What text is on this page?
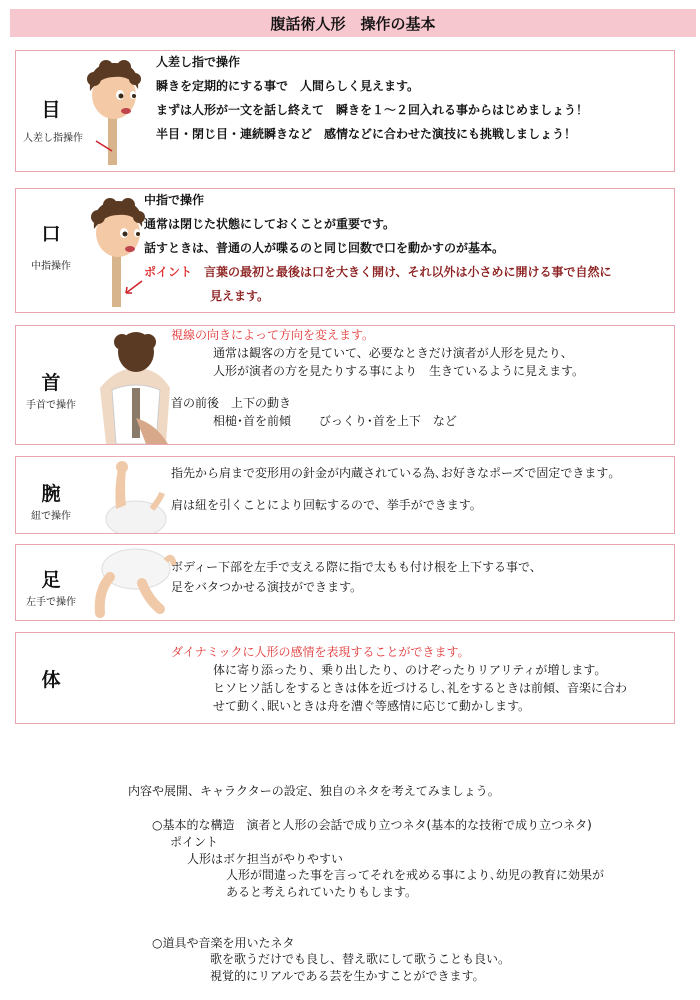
腹話術人形　操作の基本
目
人差し指操作
人差し指で操作
瞬きを定期的にする事で　人間らしく見えます。
まずは人形が一文を話し終えて　瞬きを１～２回入れる事からはじめましょう！
半目・閉じ目・連続瞬きなど　感情などに合わせた演技にも挑戦しましょう！
口
中指操作
中指で操作
通常は閉じた状態にしておくことが重要です。
話すときは、普通の人が喋るのと同じ回数で口を動かすのが基本。
ポイント　 言葉の最初と最後は口を大きく開け、それ以外は小さめに開ける事で自然に
見えます。
首
手首で操作
視線の向きによって方向を変えます。
通常は観客の方を見ていて、必要なときだけ演者が人形を見たり、
人形が演者の方を見たりする事により　生きているように見えます。
首の前後　上下の動き
相槌･首を前傾　　 びっくり･首を上下　など
腕
紐で操作
指先から肩まで変形用の針金が内蔵されている為､お好きなポーズで固定できます｡
肩は紐を引くことにより回転するので、挙手ができます。
足
左手で操作
ボディー下部を左手で支える際に指で太もも付け根を上下する事で、
足をバタつかせる演技ができます。
体
ダイナミックに人形の感情を表現することができます。
体に寄り添ったり、乗り出したり、のけぞったりリアリティが増します。
ヒソヒソ話しをするときは体を近づけるし､礼をするときは前傾、音楽に合わ
せて動く､眠いときは舟を漕ぐ等感情に応じて動かします。
内容や展開、キャラクターの設定、独自のネタを考えてみましょう。
○基本的な構造　演者と人形の会話で成り立つネタ(基本的な技術で成り立つネタ)
ポイント
人形はボケ担当がやりやすい
人形が間違った事を言ってそれを戒める事により､幼児の教育に効果が
あると考えられていたりもします。
○道具や音楽を用いたネタ
歌を歌うだけでも良し、替え歌にして歌うことも良い。
視覚的にリアルである芸を生かすことができます。
